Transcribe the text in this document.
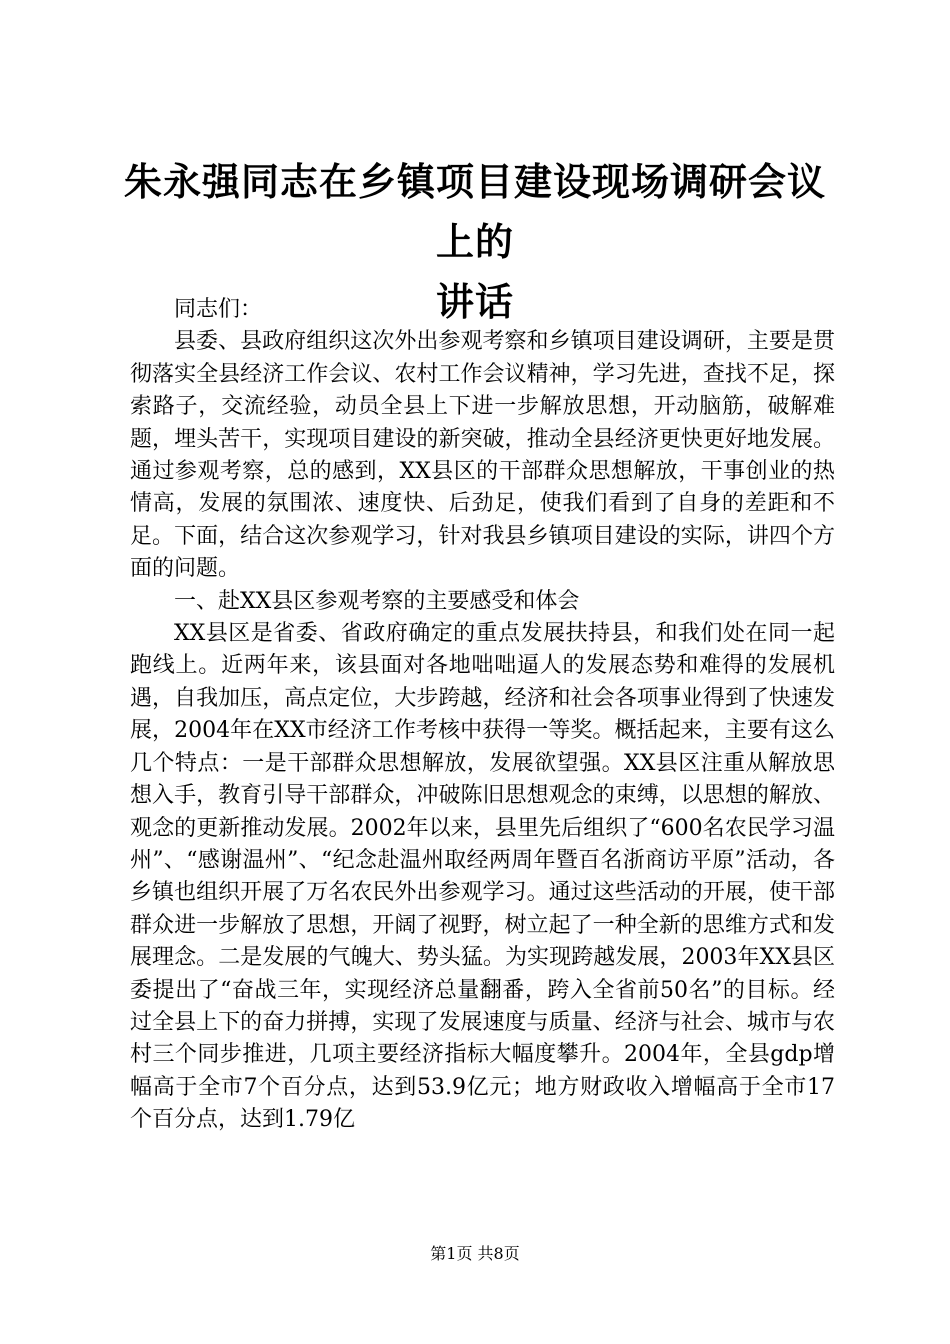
朱永强同志在乡镇项目建设现场调研会议上的
讲话

同志们：

县委、县政府组织这次外出参观考察和乡镇项目建设调研，主要是贯彻落实全县经济工作会议、农村工作会议精神，学习先进，查找不足，探索路子，交流经验，动员全县上下进一步解放思想，开动脑筋，破解难题，埋头苦干，实现项目建设的新突破，推动全县经济更快更好地发展。通过参观考察，总的感到，XX县区的干部群众思想解放，干事创业的热情高，发展的氛围浓、速度快、后劲足，使我们看到了自身的差距和不足。下面，结合这次参观学习，针对我县乡镇项目建设的实际，讲四个方面的问题。

一、赴XX县区参观考察的主要感受和体会

XX县区是省委、省政府确定的重点发展扶持县，和我们处在同一起跑线上。近两年来，该县面对各地咄咄逼人的发展态势和难得的发展机遇，自我加压，高点定位，大步跨越，经济和社会各项事业得到了快速发展，2004年在XX市经济工作考核中获得一等奖。概括起来，主要有这么几个特点：一是干部群众思想解放，发展欲望强。XX县区注重从解放思想入手，教育引导干部群众，冲破陈旧思想观念的束缚，以思想的解放、观念的更新推动发展。2002年以来，县里先后组织了“600名农民学习温州”、“感谢温州”、“纪念赴温州取经两周年暨百名浙商访平原”活动，各乡镇也组织开展了万名农民外出参观学习。通过这些活动的开展，使干部群众进一步解放了思想，开阔了视野，树立起了一种全新的思维方式和发展理念。二是发展的气魄大、势头猛。为实现跨越发展，2003年XX县区委提出了“奋战三年，实现经济总量翻番，跨入全省前50名”的目标。经过全县上下的奋力拼搏，实现了发展速度与质量、经济与社会、城市与农村三个同步推进，几项主要经济指标大幅度攀升。2004年，全县gdp增幅高于全市7个百分点，达到53.9亿元；地方财政收入增幅高于全市17个百分点，达到1.79亿

第1页 共8页
